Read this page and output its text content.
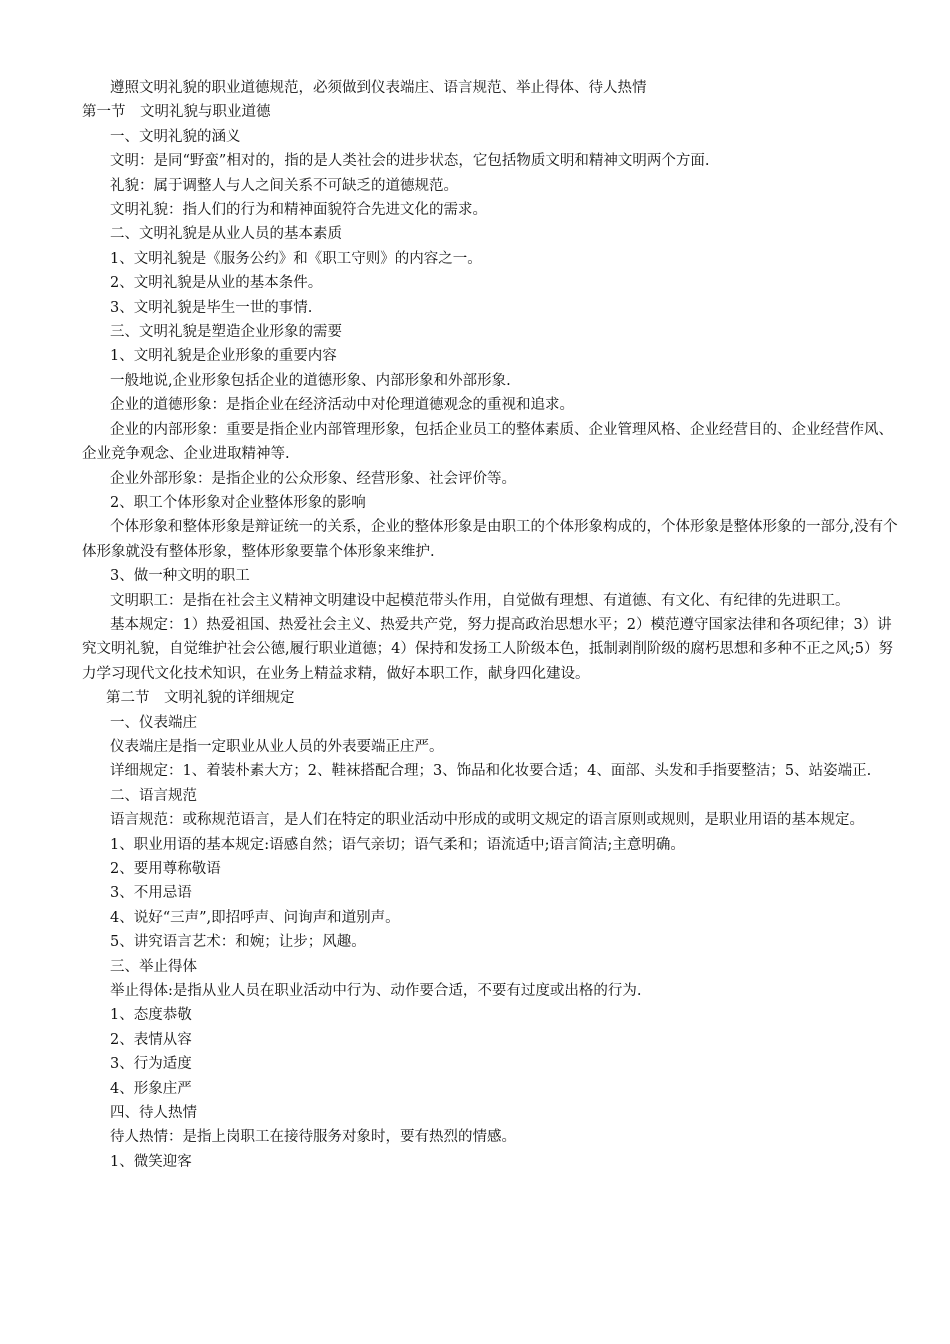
遵照文明礼貌的职业道德规范，必须做到仪表端庄、语言规范、举止得体、待人热情

第一节　文明礼貌与职业道德

一、文明礼貌的涵义

文明：是同“野蛮”相对的，指的是人类社会的进步状态，它包括物质文明和精神文明两个方面.

礼貌：属于调整人与人之间关系不可缺乏的道德规范。

文明礼貌：指人们的行为和精神面貌符合先进文化的需求。

二、文明礼貌是从业人员的基本素质

1、文明礼貌是《服务公约》和《职工守则》的内容之一。

2、文明礼貌是从业的基本条件。

3、文明礼貌是毕生一世的事情.

三、文明礼貌是塑造企业形象的需要

1、文明礼貌是企业形象的重要内容

一般地说,企业形象包括企业的道德形象、内部形象和外部形象.

企业的道德形象：是指企业在经济活动中对伦理道德观念的重视和追求。

企业的内部形象：重要是指企业内部管理形象，包括企业员工的整体素质、企业管理风格、企业经营目的、企业经营作风、企业竞争观念、企业进取精神等.

企业外部形象：是指企业的公众形象、经营形象、社会评价等。

2、职工个体形象对企业整体形象的影响

个体形象和整体形象是辩证统一的关系，企业的整体形象是由职工的个体形象构成的，个体形象是整体形象的一部分,没有个体形象就没有整体形象，整体形象要靠个体形象来维护.

3、做一种文明的职工

文明职工：是指在社会主义精神文明建设中起模范带头作用，自觉做有理想、有道德、有文化、有纪律的先进职工。

基本规定：1）热爱祖国、热爱社会主义、热爱共产党，努力提高政治思想水平；2）模范遵守国家法律和各项纪律；3）讲究文明礼貌，自觉维护社会公德,履行职业道德；4）保持和发扬工人阶级本色，抵制剥削阶级的腐朽思想和多种不正之风;5）努力学习现代文化技术知识，在业务上精益求精，做好本职工作，献身四化建设。

第二节　文明礼貌的详细规定

一、仪表端庄

仪表端庄是指一定职业从业人员的外表要端正庄严。

详细规定：1、着装朴素大方；2、鞋袜搭配合理；3、饰品和化妆要合适；4、面部、头发和手指要整洁；5、站姿端正.

二、语言规范

语言规范：或称规范语言，是人们在特定的职业活动中形成的或明文规定的语言原则或规则，是职业用语的基本规定。

1、职业用语的基本规定:语感自然；语气亲切；语气柔和；语流适中;语言简洁;主意明确。

2、要用尊称敬语

3、不用忌语

4、说好“三声”,即招呼声、问询声和道别声。

5、讲究语言艺术：和婉；让步；风趣。

三、举止得体

举止得体:是指从业人员在职业活动中行为、动作要合适，不要有过度或出格的行为.

1、态度恭敬

2、表情从容

3、行为适度

4、形象庄严

四、待人热情

待人热情：是指上岗职工在接待服务对象时，要有热烈的情感。

1、微笑迎客
